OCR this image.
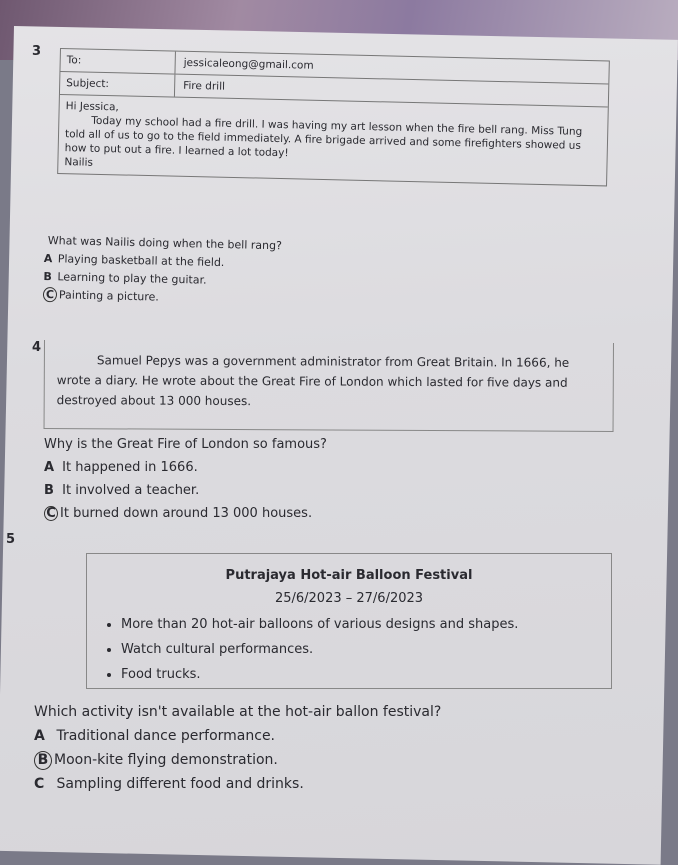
3
To:	jessicaleong@gmail.com
Subject:	Fire drill

Hi Jessica,

Today my school had a fire drill. I was having my art lesson when the fire bell rang. Miss Tung told all of us to go to the field immediately. A fire brigade arrived and some firefighters showed us how to put out a fire. I learned a lot today!

Nailis

What was Nailis doing when the bell rang?
A Playing basketball at the field.
B Learning to play the guitar.
C Painting a picture.
4

Samuel Pepys was a government administrator from Great Britain. In 1666, he wrote a diary. He wrote about the Great Fire of London which lasted for five days and destroyed about 13 000 houses.

Why is the Great Fire of London so famous?
A It happened in 1666.
B It involved a teacher.
C It burned down around 13 000 houses.
5
Putrajaya Hot-air Balloon Festival
25/6/2023 – 27/6/2023
• More than 20 hot-air balloons of various designs and shapes.
• Watch cultural performances.
• Food trucks.
Which activity isn't available at the hot-air ballon festival?
A Traditional dance performance.
B Moon-kite flying demonstration.
C Sampling different food and drinks.
